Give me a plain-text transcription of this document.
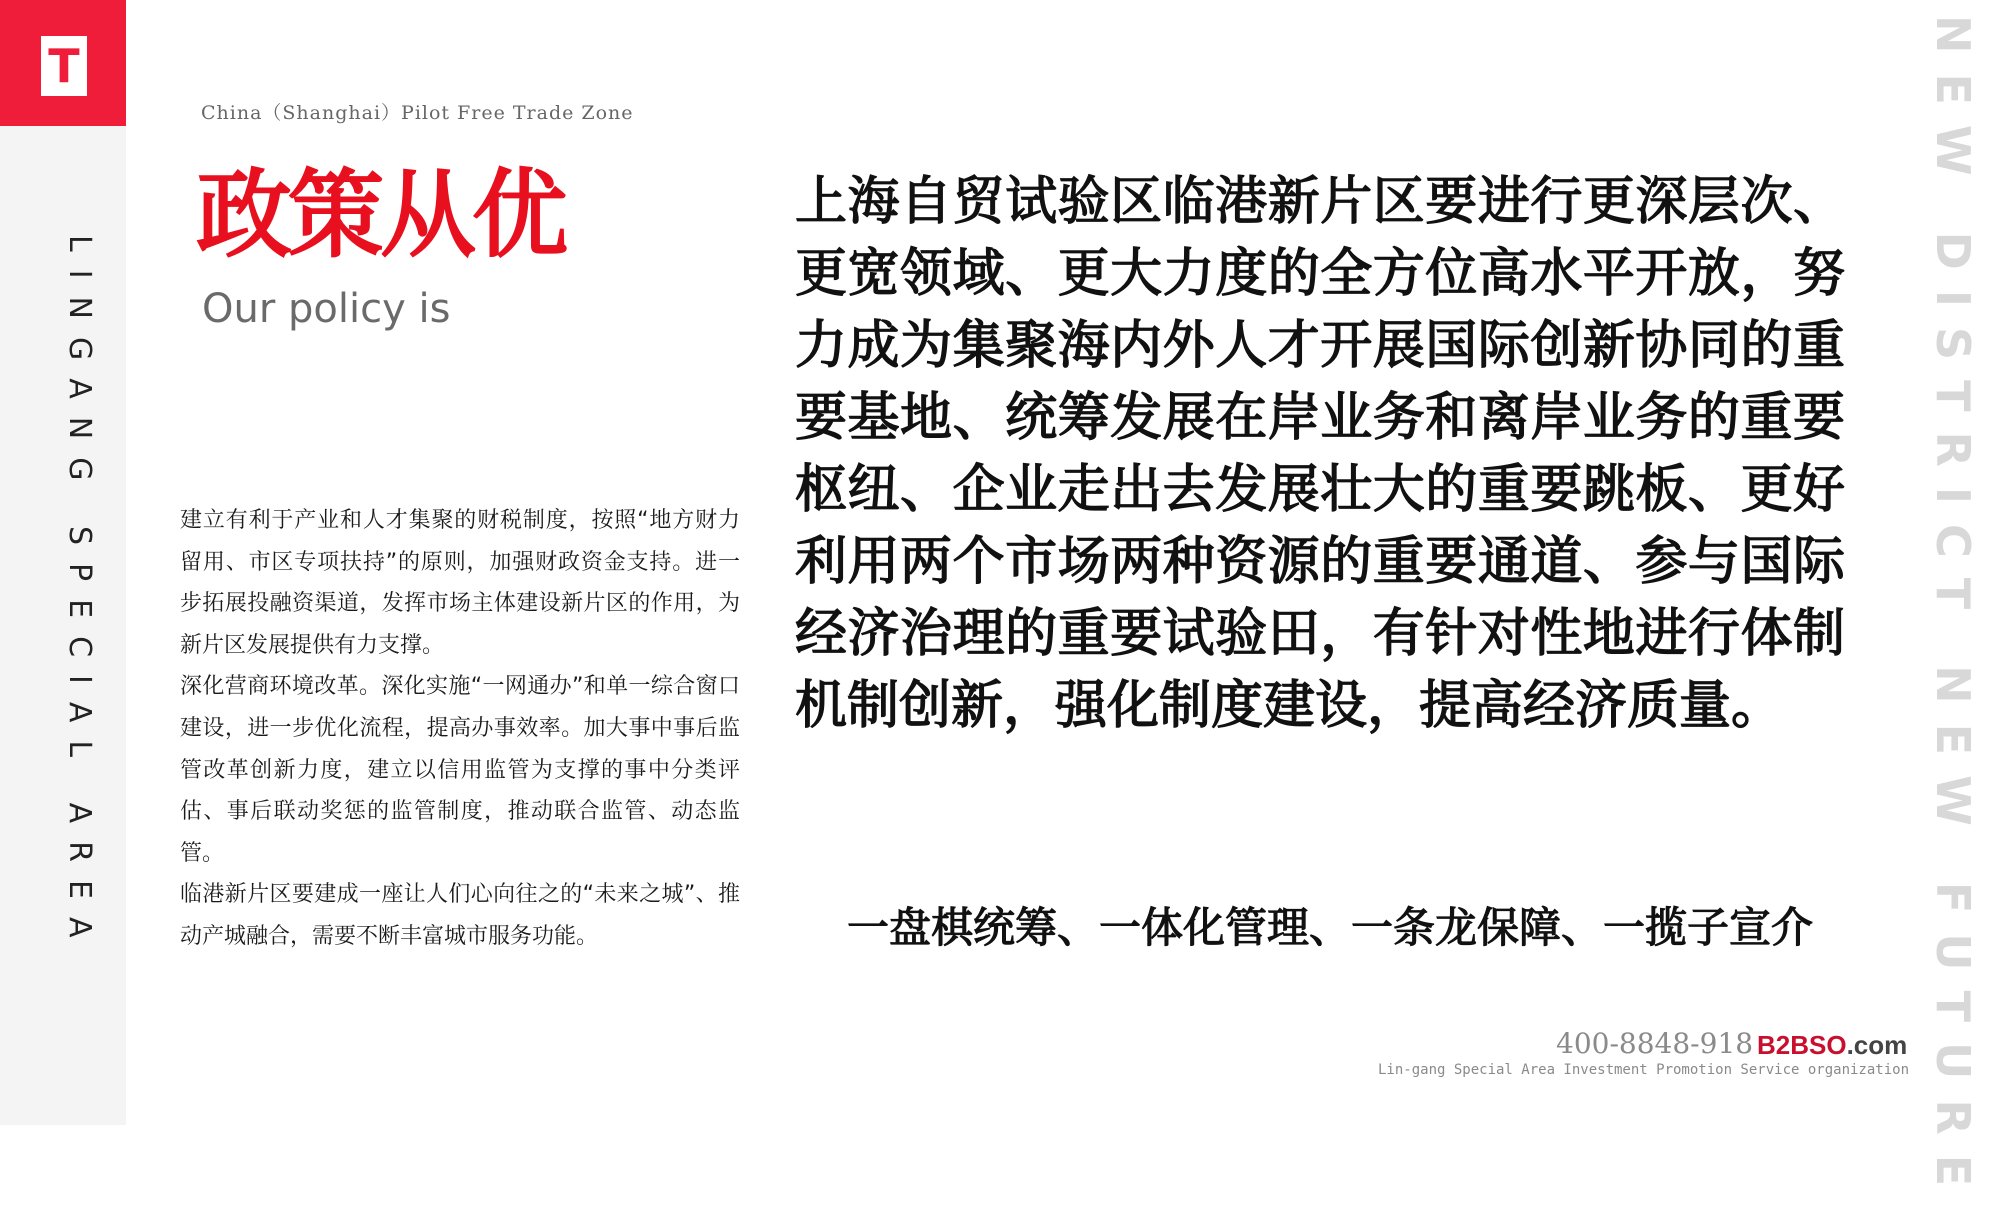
T
LINGANG SPECIAL AREA	NEW DISTRICT NEW FUTURE
China（Shanghai）Pilot Free Trade Zone
政策从优
Our policy is

建立有利于产业和人才集聚的财税制度，按照“地方财力留用、市区专项扶持”的原则，加强财政资金支持。进一步拓展投融资渠道，发挥市场主体建设新片区的作用，为新片区发展提供有力支撑。

深化营商环境改革。深化实施“一网通办”和单一综合窗口建设，进一步优化流程，提高办事效率。加大事中事后监管改革创新力度，建立以信用监管为支撑的事中分类评估、事后联动奖惩的监管制度，推动联合监管、动态监管。

临港新片区要建成一座让人们心向往之的“未来之城”、推动产城融合，需要不断丰富城市服务功能。

上海自贸试验区临港新片区要进行更深层次、更宽领域、更大力度的全方位高水平开放，努力成为集聚海内外人才开展国际创新协同的重要基地、统筹发展在岸业务和离岸业务的重要枢纽、企业走出去发展壮大的重要跳板、更好利用两个市场两种资源的重要通道、参与国际经济治理的重要试验田，有针对性地进行体制机制创新，强化制度建设，提高经济质量。
一盘棋统筹、一体化管理、一条龙保障、一揽子宣介
400-8848-918 B2BSO.com
Lin-gang Special Area Investment Promotion Service organization
